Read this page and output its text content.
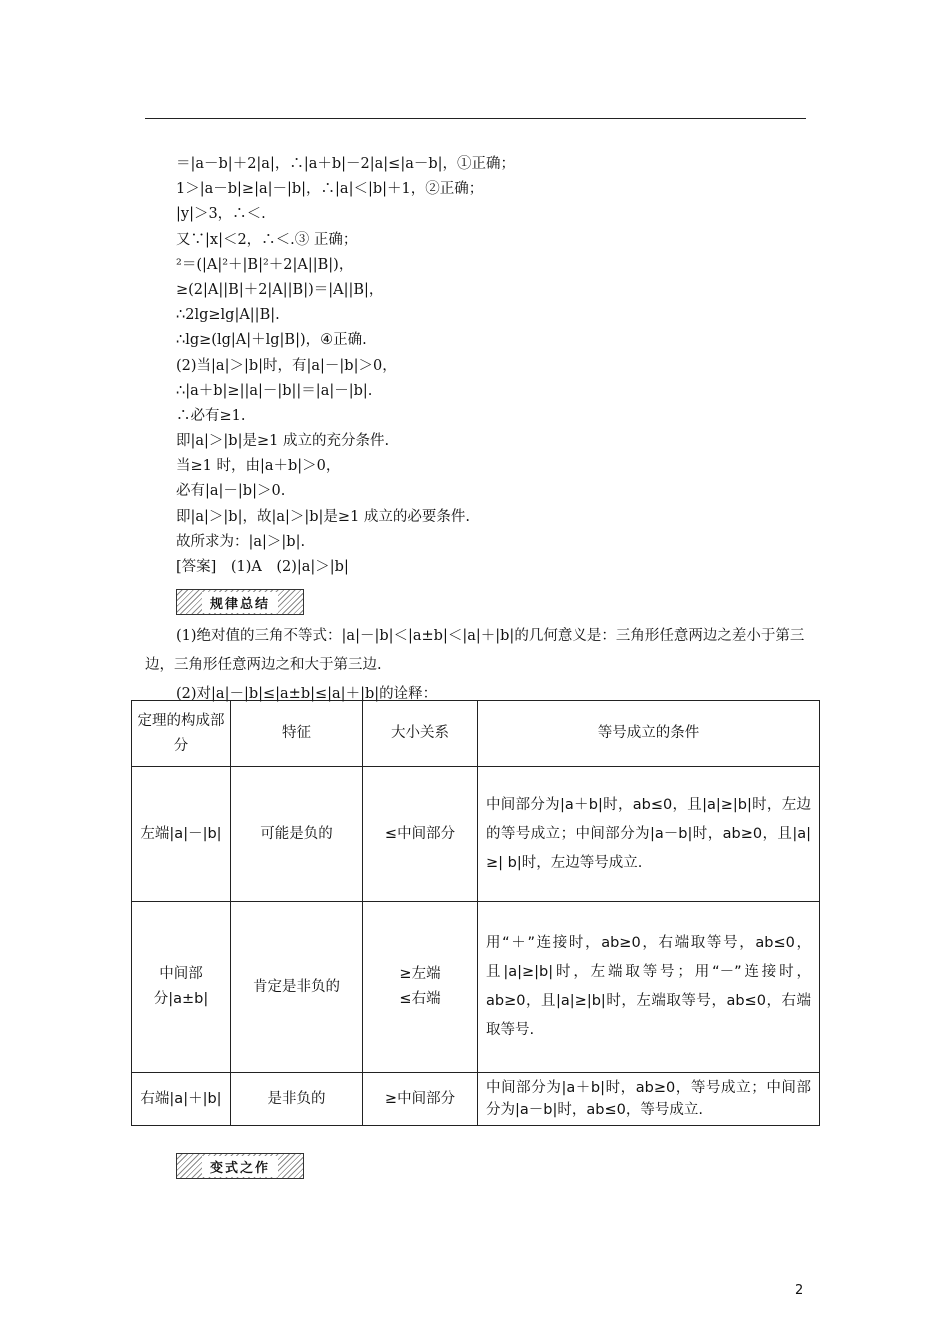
＝|a－b|＋2|a|，∴|a＋b|－2|a|≤|a－b|，①正确；
1＞|a－b|≥|a|－|b|，∴|a|＜|b|＋1，②正确；
|y|＞3，∴＜.
又∵|x|＜2，∴＜.③ 正确；
²＝(|A|²＋|B|²＋2|A||B|)，
≥(2|A||B|＋2|A||B|)＝|A||B|，
∴2lg≥lg|A||B|.
∴lg≥(lg|A|＋lg|B|)，④正确.
(2)当|a|＞|b|时，有|a|－|b|＞0，
∴|a＋b|≥||a|－|b||＝|a|－|b|.
∴必有≥1.
即|a|＞|b|是≥1 成立的充分条件.
当≥1 时，由|a＋b|＞0，
必有|a|－|b|＞0.
即|a|＞|b|，故|a|＞|b|是≥1 成立的必要条件.
故所求为：|a|＞|b|.
[答案]　(1)A　(2)|a|＞|b|
规律总结

(1)绝对值的三角不等式：|a|－|b|＜|a±b|＜|a|＋|b|的几何意义是：三角形任意两边之差小于第三边，三角形任意两边之和大于第三边.

(2)对|a|－|b|≤|a±b|≤|a|＋|b|的诠释：

定理的构成部分	特征	大小关系	等号成立的条件
左端|a|－|b|	可能是负的	≤中间部分	中间部分为|a＋b|时，ab≤0，且|a|≥|b|时，左边的等号成立；中间部分为|a－b|时，ab≥0，且|a|≥| b|时，左边等号成立.
中间部分|a±b|	肯定是非负的	≥左端
≤右端	用“＋”连接时，ab≥0，右端取等号，ab≤0，且|a|≥|b|时，左端取等号；用“－”连接时，ab≥0，且|a|≥|b|时，左端取等号，ab≤0，右端取等号.
右端|a|＋|b|	是非负的	≥中间部分	中间部分为|a＋b|时，ab≥0，等号成立；中间部分为|a－b|时，ab≤0，等号成立.
变式之作
2
